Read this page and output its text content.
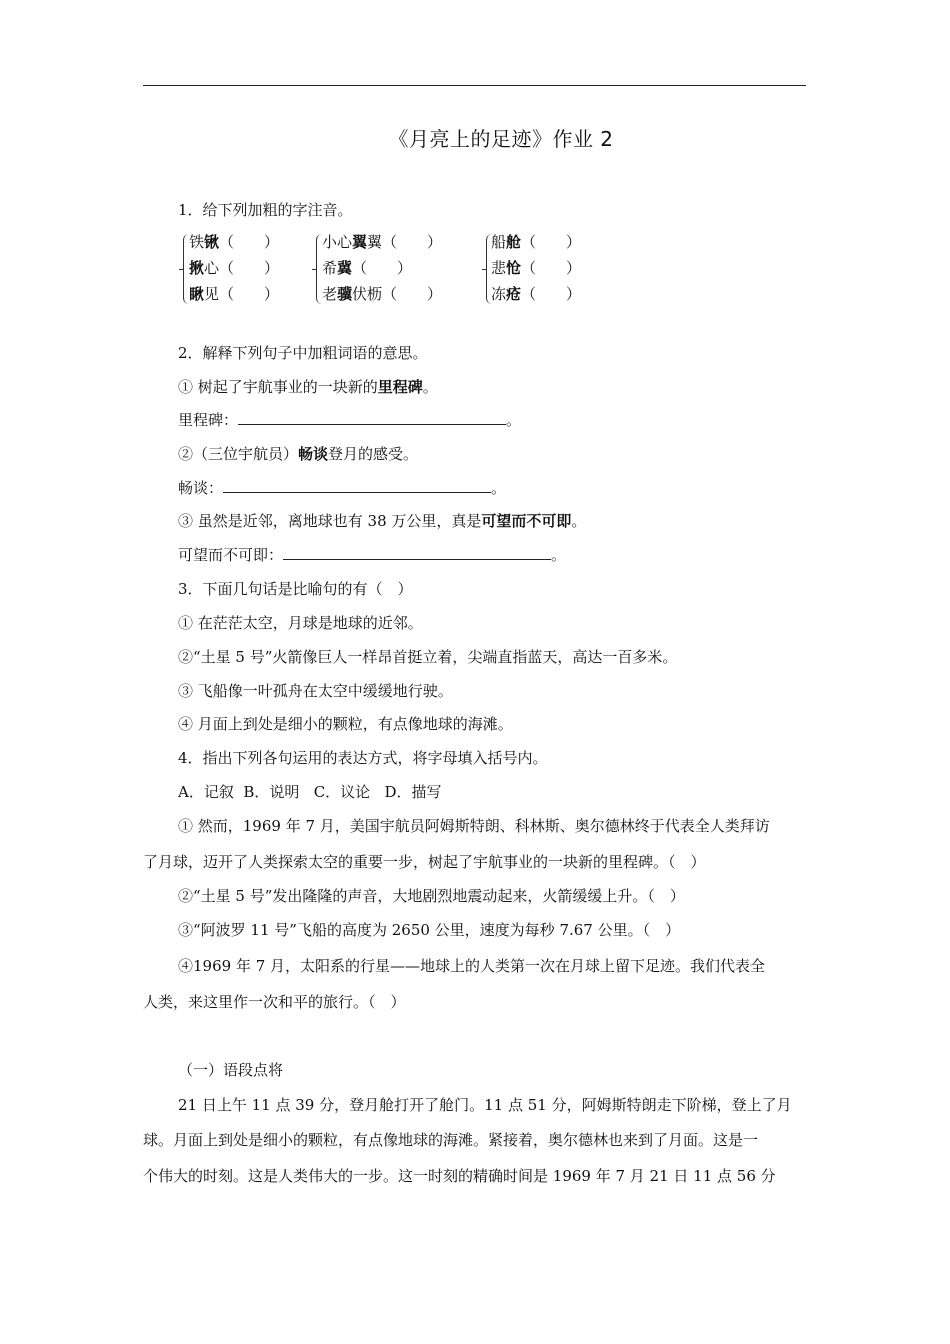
《月亮上的足迹》作业 2
1．给下列加粗的字注音。
铁锹（　　）
揪心（　　）
瞅见（　　）
小心翼翼（　　）
希冀（　　）
老骥伏枥（　　）
船舱（　　）
悲怆（　　）
冻疮（　　）
2．解释下列句子中加粗词语的意思。
① 树起了宇航事业的一块新的里程碑。
里程碑：	。
②（三位宇航员）畅谈登月的感受。
畅谈：	。
③ 虽然是近邻，离地球也有 38 万公里，真是可望而不可即。
可望而不可即：	。
3．下面几句话是比喻句的有（　）
① 在茫茫太空，月球是地球的近邻。
②“土星 5 号”火箭像巨人一样昂首挺立着，尖端直指蓝天，高达一百多米。
③ 飞船像一叶孤舟在太空中缓缓地行驶。
④ 月面上到处是细小的颗粒，有点像地球的海滩。
4．指出下列各句运用的表达方式，将字母填入括号内。
A．记叙  B．说明   C．议论   D．描写
① 然而，1969 年 7 月，美国宇航员阿姆斯特朗、科林斯、奥尔德林终于代表全人类拜访
了月球，迈开了人类探索太空的重要一步，树起了宇航事业的一块新的里程碑。（　）
②“土星 5 号”发出隆隆的声音，大地剧烈地震动起来，火箭缓缓上升。（　）
③“阿波罗 11 号”飞船的高度为 2650 公里，速度为每秒 7.67 公里。（　）
④1969 年 7 月，太阳系的行星——地球上的人类第一次在月球上留下足迹。我们代表全
人类，来这里作一次和平的旅行。（　）
（一）语段点将
21 日上午 11 点 39 分，登月舱打开了舱门。11 点 51 分，阿姆斯特朗走下阶梯，登上了月
球。月面上到处是细小的颗粒，有点像地球的海滩。紧接着，奥尔德林也来到了月面。这是一
个伟大的时刻。这是人类伟大的一步。这一时刻的精确时间是 1969 年 7 月 21 日 11 点 56 分
